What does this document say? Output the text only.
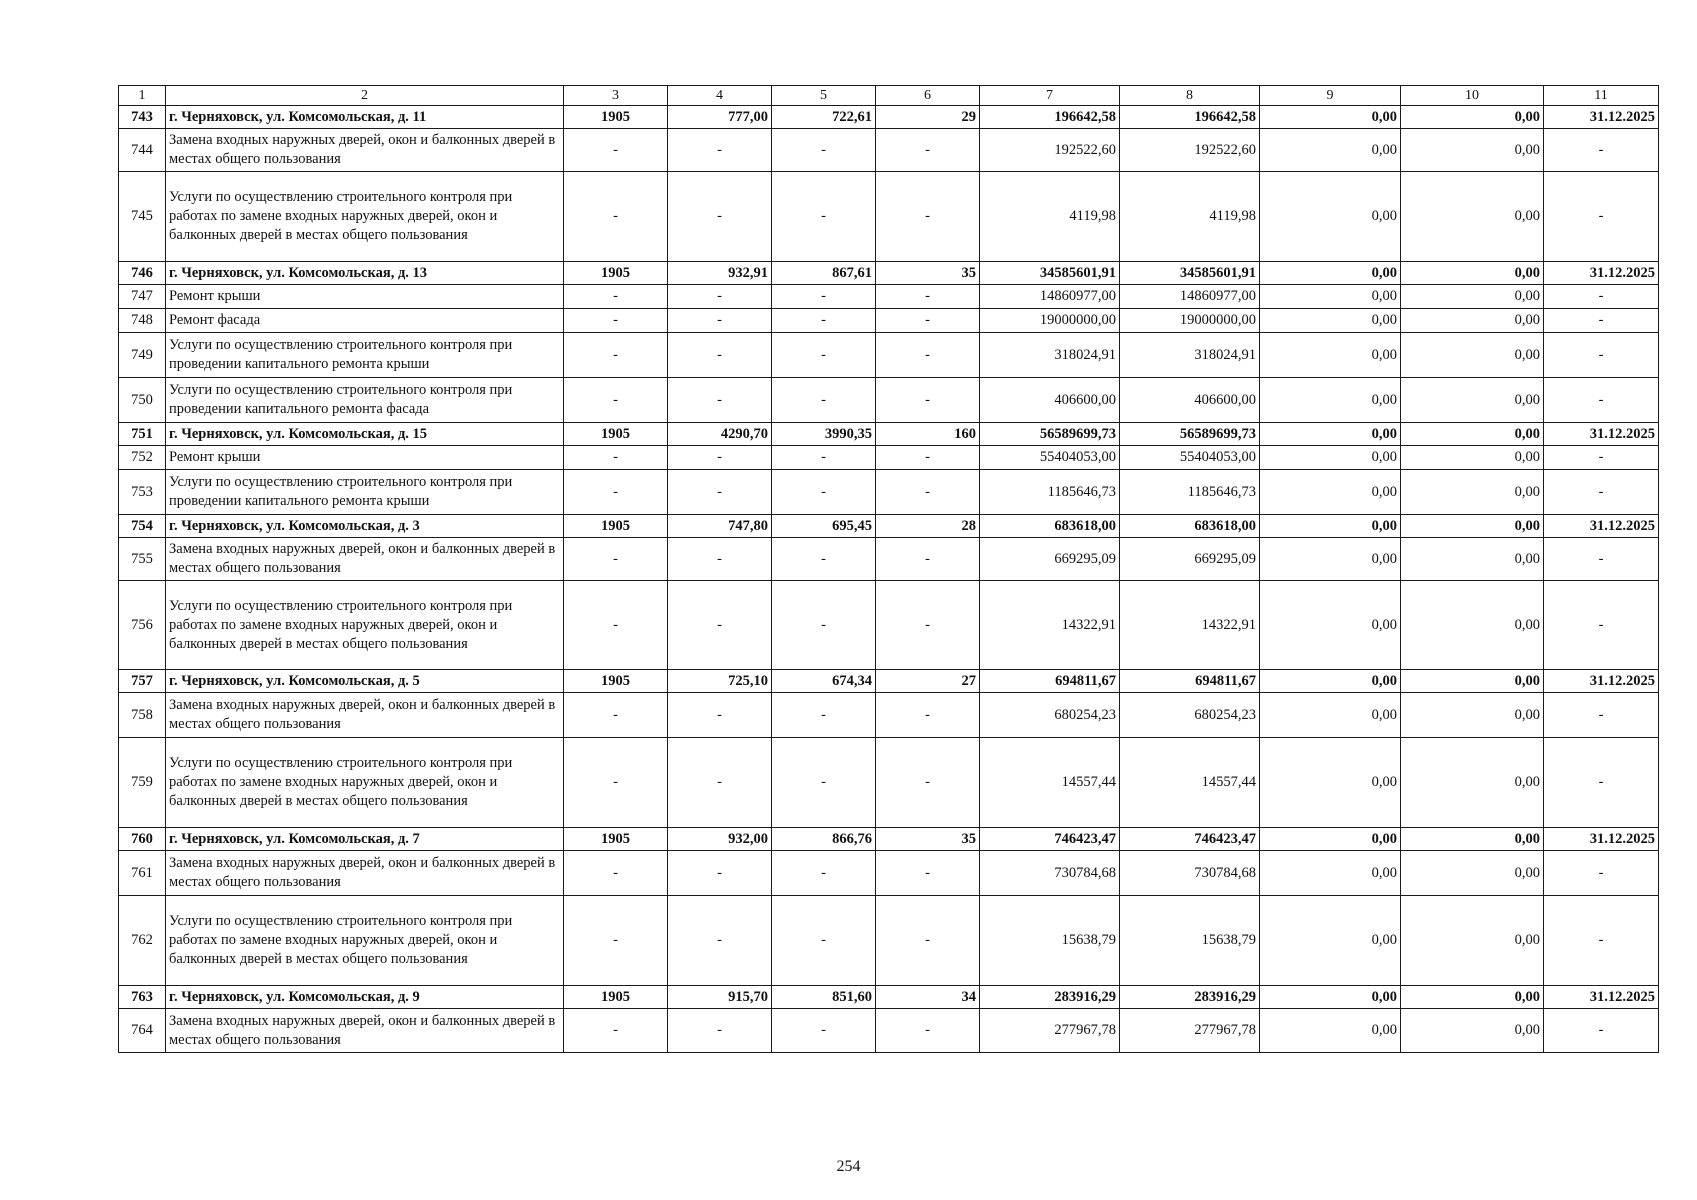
1	2	3	4	5	6	7	8	9	10	11
743	г. Черняховск, ул. Комсомольская, д. 11	1905	777,00	722,61	29	196642,58	196642,58	0,00	0,00	31.12.2025
744	Замена входных наружных дверей, окон и балконных дверей в местах общего пользования	-	-	-	-	192522,60	192522,60	0,00	0,00	-
745	Услуги по осуществлению строительного контроля при работах по замене входных наружных дверей, окон и балконных дверей в местах общего пользования	-	-	-	-	4119,98	4119,98	0,00	0,00	-
746	г. Черняховск, ул. Комсомольская, д. 13	1905	932,91	867,61	35	34585601,91	34585601,91	0,00	0,00	31.12.2025
747	Ремонт крыши	-	-	-	-	14860977,00	14860977,00	0,00	0,00	-
748	Ремонт фасада	-	-	-	-	19000000,00	19000000,00	0,00	0,00	-
749	Услуги по осуществлению строительного контроля при проведении капитального ремонта крыши	-	-	-	-	318024,91	318024,91	0,00	0,00	-
750	Услуги по осуществлению строительного контроля при проведении капитального ремонта фасада	-	-	-	-	406600,00	406600,00	0,00	0,00	-
751	г. Черняховск, ул. Комсомольская, д. 15	1905	4290,70	3990,35	160	56589699,73	56589699,73	0,00	0,00	31.12.2025
752	Ремонт крыши	-	-	-	-	55404053,00	55404053,00	0,00	0,00	-
753	Услуги по осуществлению строительного контроля при проведении капитального ремонта крыши	-	-	-	-	1185646,73	1185646,73	0,00	0,00	-
754	г. Черняховск, ул. Комсомольская, д. 3	1905	747,80	695,45	28	683618,00	683618,00	0,00	0,00	31.12.2025
755	Замена входных наружных дверей, окон и балконных дверей в местах общего пользования	-	-	-	-	669295,09	669295,09	0,00	0,00	-
756	Услуги по осуществлению строительного контроля при работах по замене входных наружных дверей, окон и балконных дверей в местах общего пользования	-	-	-	-	14322,91	14322,91	0,00	0,00	-
757	г. Черняховск, ул. Комсомольская, д. 5	1905	725,10	674,34	27	694811,67	694811,67	0,00	0,00	31.12.2025
758	Замена входных наружных дверей, окон и балконных дверей в местах общего пользования	-	-	-	-	680254,23	680254,23	0,00	0,00	-
759	Услуги по осуществлению строительного контроля при работах по замене входных наружных дверей, окон и балконных дверей в местах общего пользования	-	-	-	-	14557,44	14557,44	0,00	0,00	-
760	г. Черняховск, ул. Комсомольская, д. 7	1905	932,00	866,76	35	746423,47	746423,47	0,00	0,00	31.12.2025
761	Замена входных наружных дверей, окон и балконных дверей в местах общего пользования	-	-	-	-	730784,68	730784,68	0,00	0,00	-
762	Услуги по осуществлению строительного контроля при работах по замене входных наружных дверей, окон и балконных дверей в местах общего пользования	-	-	-	-	15638,79	15638,79	0,00	0,00	-
763	г. Черняховск, ул. Комсомольская, д. 9	1905	915,70	851,60	34	283916,29	283916,29	0,00	0,00	31.12.2025
764	Замена входных наружных дверей, окон и балконных дверей в местах общего пользования	-	-	-	-	277967,78	277967,78	0,00	0,00	-
254
